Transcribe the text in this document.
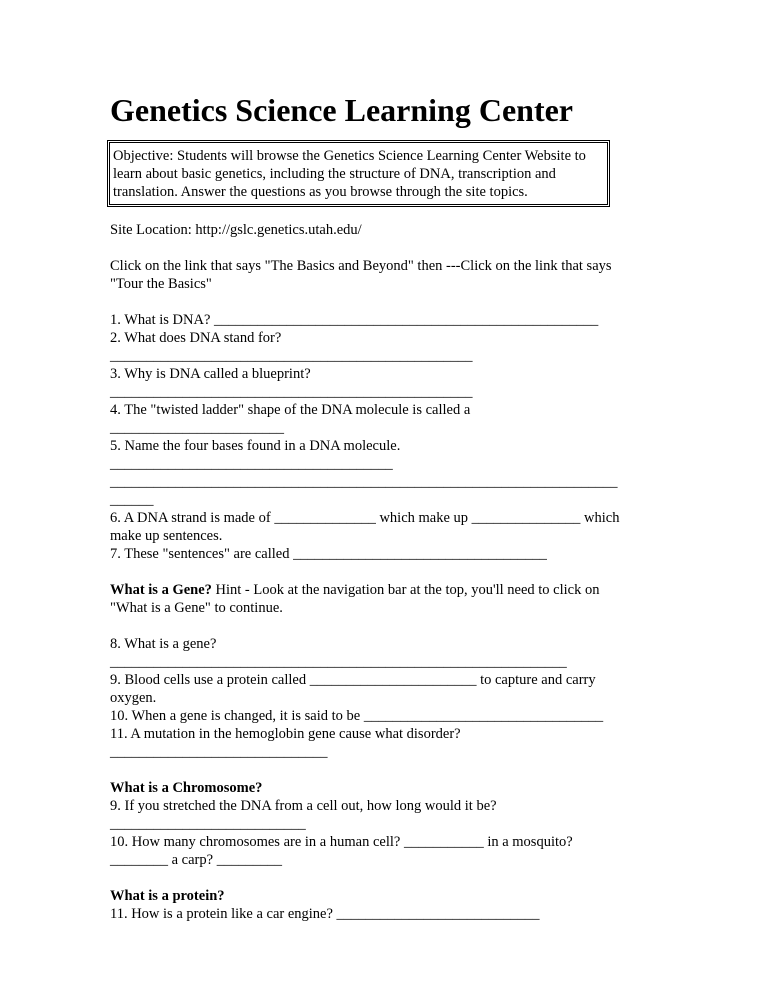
Genetics Science Learning Center
Objective: Students will browse the Genetics Science Learning Center Website to learn about basic genetics, including the structure of DNA, transcription and translation. Answer the questions as you browse through the site topics.
Site Location: http://gslc.genetics.utah.edu/
Click on the link that says "The Basics and Beyond" then ---Click on the link that says
"Tour the Basics"
1. What is DNA? _____________________________________________________
2. What does DNA stand for?
__________________________________________________
3. Why is DNA called a blueprint?
__________________________________________________
4. The "twisted ladder" shape of the DNA molecule is called a
________________________
5. Name the four bases found in a DNA molecule.
_______________________________________
______________________________________________________________________
______
6. A DNA strand is made of ______________ which make up _______________ which
make up sentences.
7. These "sentences" are called ___________________________________
What is a Gene? Hint - Look at the navigation bar at the top, you'll need to click on
"What is a Gene" to continue.
8. What is a gene?
_______________________________________________________________
9. Blood cells use a protein called _______________________ to capture and carry
oxygen.
10. When a gene is changed, it is said to be _________________________________
11. A mutation in the hemoglobin gene cause what disorder?
______________________________
What is a Chromosome?
9. If you stretched the DNA from a cell out, how long would it be?
___________________________
10. How many chromosomes are in a human cell? ___________ in a mosquito?
________ a carp? _________
What is a protein?
11. How is a protein like a car engine? ____________________________
